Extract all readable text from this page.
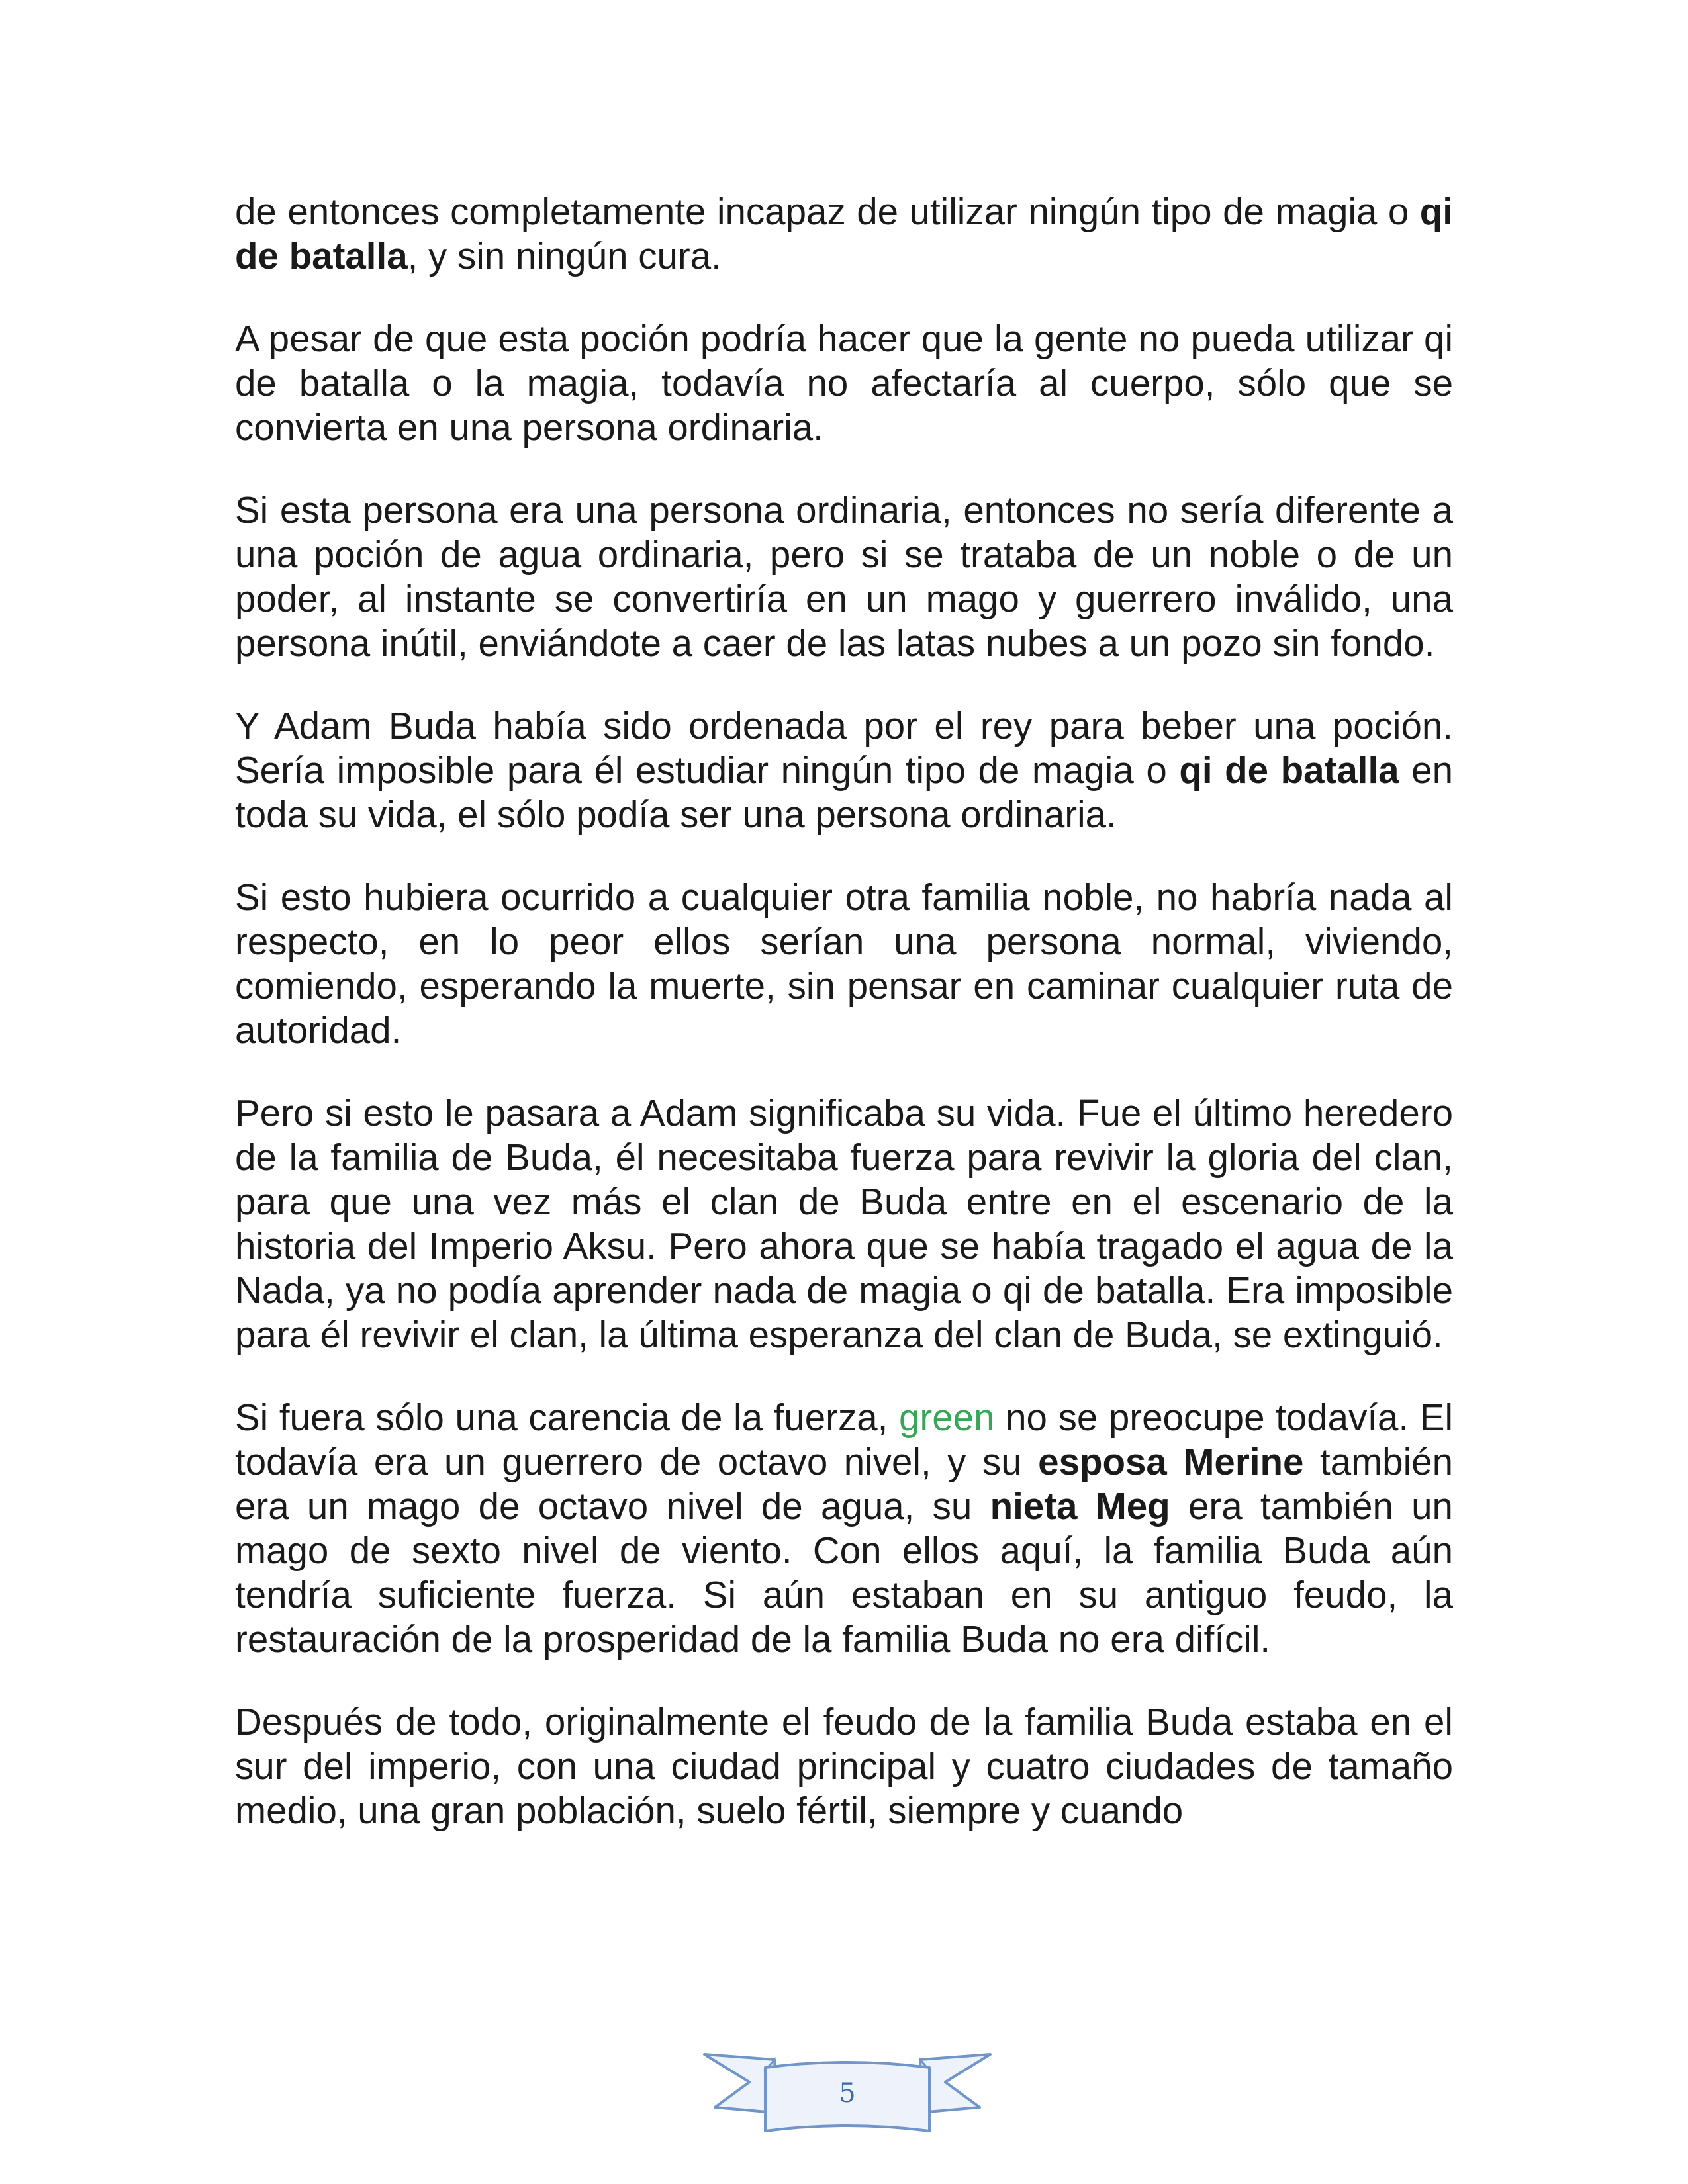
de entonces completamente incapaz de utilizar ningún tipo de magia o qi de batalla, y sin ningún cura.

A pesar de que esta poción podría hacer que la gente no pueda utilizar qi de batalla o la magia, todavía no afectaría al cuerpo, sólo que se convierta en una persona ordinaria.

Si esta persona era una persona ordinaria, entonces no sería diferente a una poción de agua ordinaria, pero si se trataba de un noble o de un poder, al instante se convertiría en un mago y guerrero inválido, una persona inútil, enviándote a caer de las latas nubes a un pozo sin fondo.

Y Adam Buda había sido ordenada por el rey para beber una poción. Sería imposible para él estudiar ningún tipo de magia o qi de batalla en toda su vida, el sólo podía ser una persona ordinaria.

Si esto hubiera ocurrido a cualquier otra familia noble, no habría nada al respecto, en lo peor ellos serían una persona normal, viviendo, comiendo, esperando la muerte, sin pensar en caminar cualquier ruta de autoridad.

Pero si esto le pasara a Adam significaba su vida. Fue el último heredero de la familia de Buda, él necesitaba fuerza para revivir la gloria del clan, para que una vez más el clan de Buda entre en el escenario de la historia del Imperio Aksu. Pero ahora que se había tragado el agua de la Nada, ya no podía aprender nada de magia o qi de batalla. Era imposible para él revivir el clan, la última esperanza del clan de Buda, se extinguió.

Si fuera sólo una carencia de la fuerza, green no se preocupe todavía. El todavía era un guerrero de octavo nivel, y su esposa Merine también era un mago de octavo nivel de agua, su nieta Meg era también un mago de sexto nivel de viento. Con ellos aquí, la familia Buda aún tendría suficiente fuerza. Si aún estaban en su antiguo feudo, la restauración de la prosperidad de la familia Buda no era difícil.

Después de todo, originalmente el feudo de la familia Buda estaba en el sur del imperio, con una ciudad principal y cuatro ciudades de tamaño medio, una gran población, suelo fértil, siempre y cuando

5
